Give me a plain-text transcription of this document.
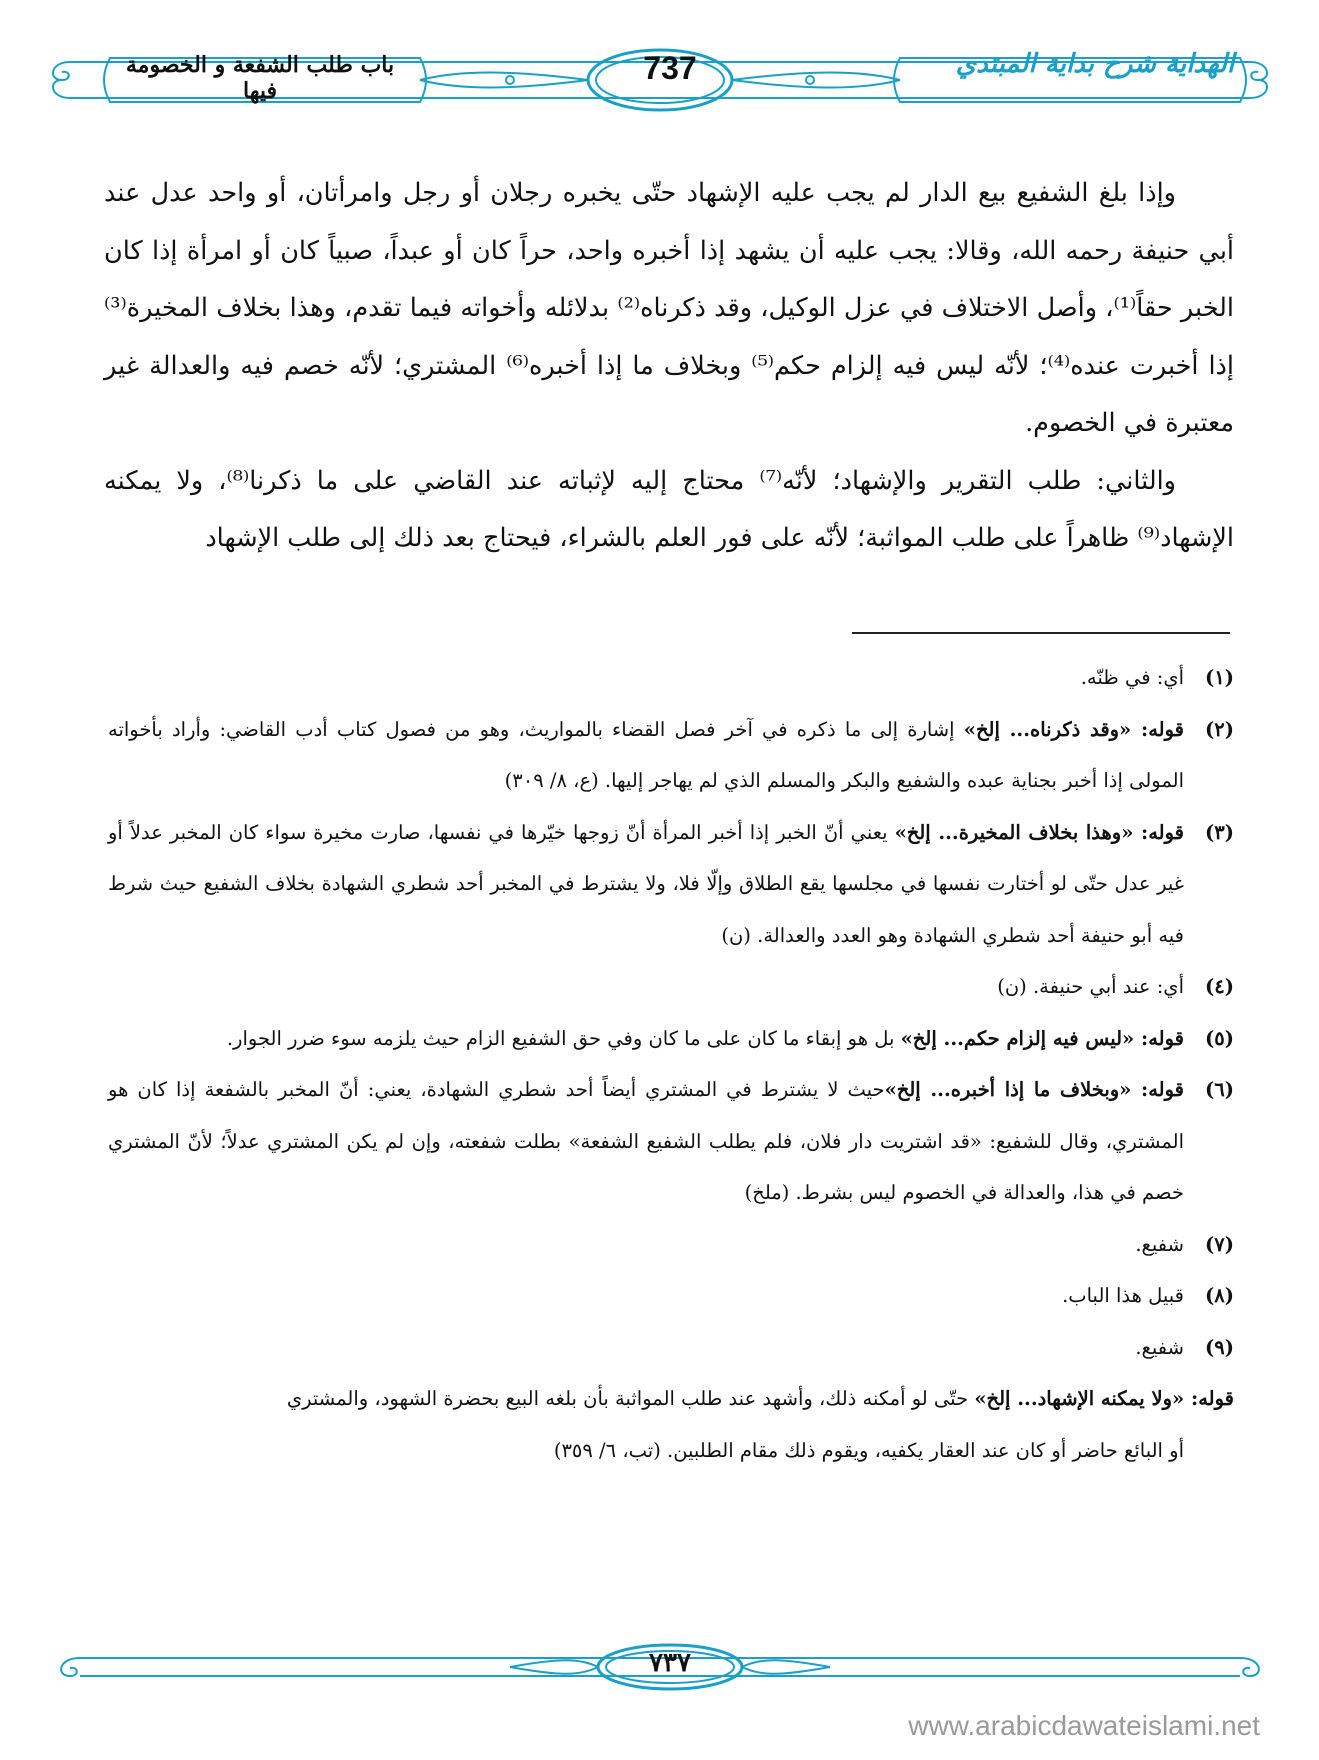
باب طلب الشفعة و الخصومة فيها
737	الهداية شرح بداية المبتدي

وإذا بلغ الشفيع بيع الدار لم يجب عليه الإشهاد حتّى يخبره رجلان أو رجل وامرأتان، أو واحد عدل عند أبي حنيفة رحمه الله، وقالا: يجب عليه أن يشهد إذا أخبره واحد، حراً كان أو عبداً، صبياً كان أو امرأة إذا كان الخبر حقاً⁽¹⁾، وأصل الاختلاف في عزل الوكيل، وقد ذكرناه⁽²⁾ بدلائله وأخواته فيما تقدم، وهذا بخلاف المخيرة⁽³⁾ إذا أخبرت عنده⁽⁴⁾؛ لأنّه ليس فيه إلزام حكم⁽⁵⁾ وبخلاف ما إذا أخبره⁽⁶⁾ المشتري؛ لأنّه خصم فيه والعدالة غير معتبرة في الخصوم.

والثاني: طلب التقرير والإشهاد؛ لأنّه⁽⁷⁾ محتاج إليه لإثباته عند القاضي على ما ذكرنا⁽⁸⁾، ولا يمكنه الإشهاد⁽⁹⁾ ظاهراً على طلب المواثبة؛ لأنّه على فور العلم بالشراء، فيحتاج بعد ذلك إلى طلب الإشهاد

(١)
أي: في ظنّه.

(٢)
قوله: «وقد ذكرناه... إلخ» إشارة إلى ما ذكره في آخر فصل القضاء بالمواريث، وهو من فصول كتاب أدب القاضي: وأراد بأخواته المولى إذا أخبر بجناية عبده والشفيع والبكر والمسلم الذي لم يهاجر إليها. (ع، ٨/ ٣٠٩)

(٣)
قوله: «وهذا بخلاف المخيرة... إلخ» يعني أنّ الخبر إذا أخبر المرأة أنّ زوجها خيّرها في نفسها، صارت مخيرة سواء كان المخبر عدلاً أو غير عدل حتّى لو أختارت نفسها في مجلسها يقع الطلاق وإلّا فلا، ولا يشترط في المخبر أحد شطري الشهادة بخلاف الشفيع حيث شرط فيه أبو حنيفة أحد شطري الشهادة وهو العدد والعدالة. (ن)

(٤)
أي: عند أبي حنيفة. (ن)

(٥)
قوله: «ليس فيه إلزام حكم... إلخ» بل هو إبقاء ما كان على ما كان وفي حق الشفيع الزام حيث يلزمه سوء ضرر الجوار.

(٦)
قوله: «وبخلاف ما إذا أخبره... إلخ»حيث لا يشترط في المشتري أيضاً أحد شطري الشهادة، يعني: أنّ المخبر بالشفعة إذا كان هو المشتري، وقال للشفيع: «قد اشتريت دار فلان، فلم يطلب الشفيع الشفعة» بطلت شفعته، وإن لم يكن المشتري عدلاً؛ لأنّ المشتري خصم في هذا، والعدالة في الخصوم ليس بشرط. (ملخ)

(٧)
شفيع.

(٨)
قبيل هذا الباب.

(٩)
شفيع.

قوله: «ولا يمكنه الإشهاد... إلخ» حتّى لو أمكنه ذلك، وأشهد عند طلب المواثبة بأن بلغه البيع بحضرة الشهود، والمشتري
أو البائع حاضر أو كان عند العقار يكفيه، ويقوم ذلك مقام الطلبين. (تب، ٦/ ٣٥٩)

٧٣٧
www.arabicdawateislami.net
